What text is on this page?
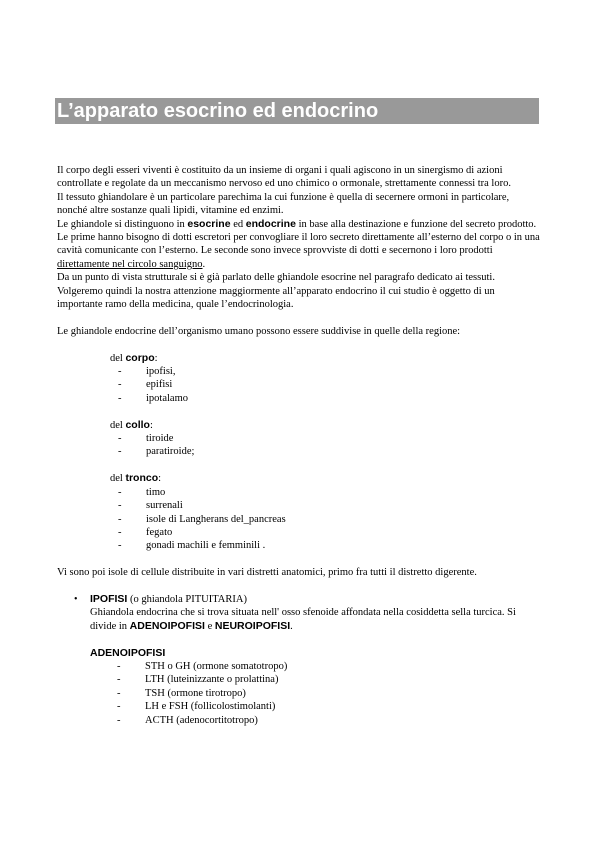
L’apparato esocrino ed endocrino

Il corpo degli esseri viventi è costituito da un insieme di organi i quali agiscono in un sinergismo di azioni controllate e regolate da un meccanismo nervoso ed uno chimico o ormonale, strettamente connessi tra loro.

Il tessuto ghiandolare è un particolare parechima la cui funzione è quella di secernere ormoni in particolare, nonché altre sostanze quali lipidi, vitamine ed enzimi.

Le ghiandole si distinguono in esocrine ed endocrine in base alla destinazione e funzione del secreto prodotto.

Le prime hanno bisogno di dotti escretori per convogliare il loro secreto direttamente all’esterno del corpo o in una cavità comunicante con l’esterno. Le seconde sono invece sprovviste di dotti e secernono i loro prodotti direttamente nel circolo sanguigno.

Da un punto di vista strutturale si è già parlato delle ghiandole esocrine nel paragrafo dedicato ai tessuti. Volgeremo quindi la nostra attenzione maggiormente all’apparato endocrino il cui studio è oggetto di un importante ramo della medicina, quale l’endocrinologia.

Le ghiandole endocrine dell’organismo umano possono essere suddivise in quelle della regione:

del corpo:

-	ipofisi,
-	epifisi
-	ipotalamo

del collo:

-	tiroide
-	paratiroide;

del tronco:

-	timo
-	surrenali
-	isole di Langherans del_pancreas
-	fegato
-	gonadi machili e femminili .

Vi sono poi isole di cellule distribuite in vari distretti anatomici, primo fra tutti il distretto digerente.

• IPOFISI (o ghiandola PITUITARIA)

Ghiandola endocrina che si trova situata nell' osso sfenoide affondata nella cosiddetta sella turcica. Si divide in ADENOIPOFISI e NEUROIPOFISI.

ADENOIPOFISI

-	STH o GH (ormone somatotropo)
-	LTH (luteinizzante o prolattina)
-	TSH (ormone tirotropo)
-	LH e FSH (follicolostimolanti)
-	ACTH (adenocortitotropo)
